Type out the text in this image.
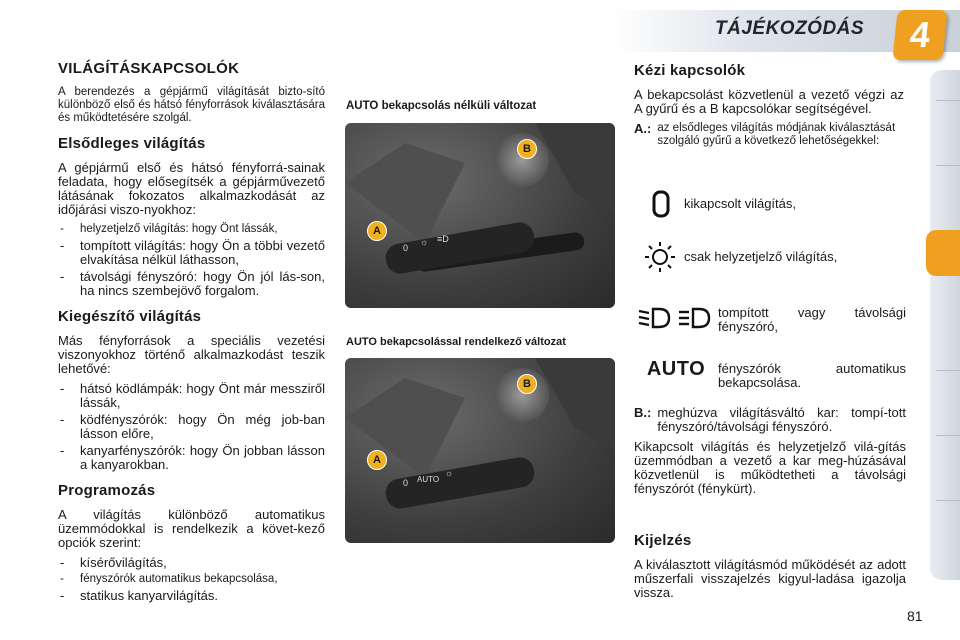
TÁJÉKOZÓDÁS	4
VILÁGÍTÁSKAPCSOLÓK

A berendezés a gépjármű világítását bizto-sító különböző első és hátsó fényforrások kiválasztására és működtetésére szolgál.

Elsődleges világítás

A gépjármű első és hátsó fényforrá-sainak feladata, hogy elősegítsék a gépjárművezető látásának fokozatos alkalmazkodását az időjárási viszo-nyokhoz:

- helyzetjelző világítás: hogy Önt lássák,
- tompított világítás: hogy Ön a többi vezető elvakítása nélkül láthasson,
- távolsági fényszóró: hogy Ön jól lás-son, ha nincs szembejövő forgalom.
Kiegészítő világítás

Más fényforrások a speciális vezetési viszonyokhoz történő alkalmazkodást teszik lehetővé:

- hátsó ködlámpák: hogy Önt már messziről lássák,
- ködfényszórók: hogy Ön még job-ban lásson előre,
- kanyarfényszórók: hogy Ön jobban lásson a kanyarokban.
Programozás

A világítás különböző automatikus üzemmódokkal is rendelkezik a követ-kező opciók szerint:

- kísérővilágítás,
- fényszórók automatikus bekapcsolása,
- statikus kanyarvilágítás.
AUTO bekapcsolás nélküli változat
0
☼ ≡D
A
B
AUTO bekapcsolással rendelkező változat
0 AUTO
☼
A
B
Kézi kapcsolók

A bekapcsolást közvetlenül a vezető végzi az A gyűrű és a B kapcsolókar segítségével.

A.: az elsődleges világítás módjának kiválasztását szolgáló gyűrű a következő lehetőségekkel:
kikapcsolt világítás,
csak helyzetjelző világítás,
tompított vagy távolsági fényszóró,
AUTO fényszórók automatikus bekapcsolása.
B.: meghúzva világításváltó kar: tompí-tott fényszóró/távolsági fényszóró.

Kikapcsolt világítás és helyzetjelző vilá-gítás üzemmódban a vezető a kar meg-húzásával közvetlenül is működtetheti a távolsági fényszórót (fénykürt).

Kijelzés

A kiválasztott világításmód működését az adott műszerfali visszajelzés kigyul-ladása igazolja vissza.

81
